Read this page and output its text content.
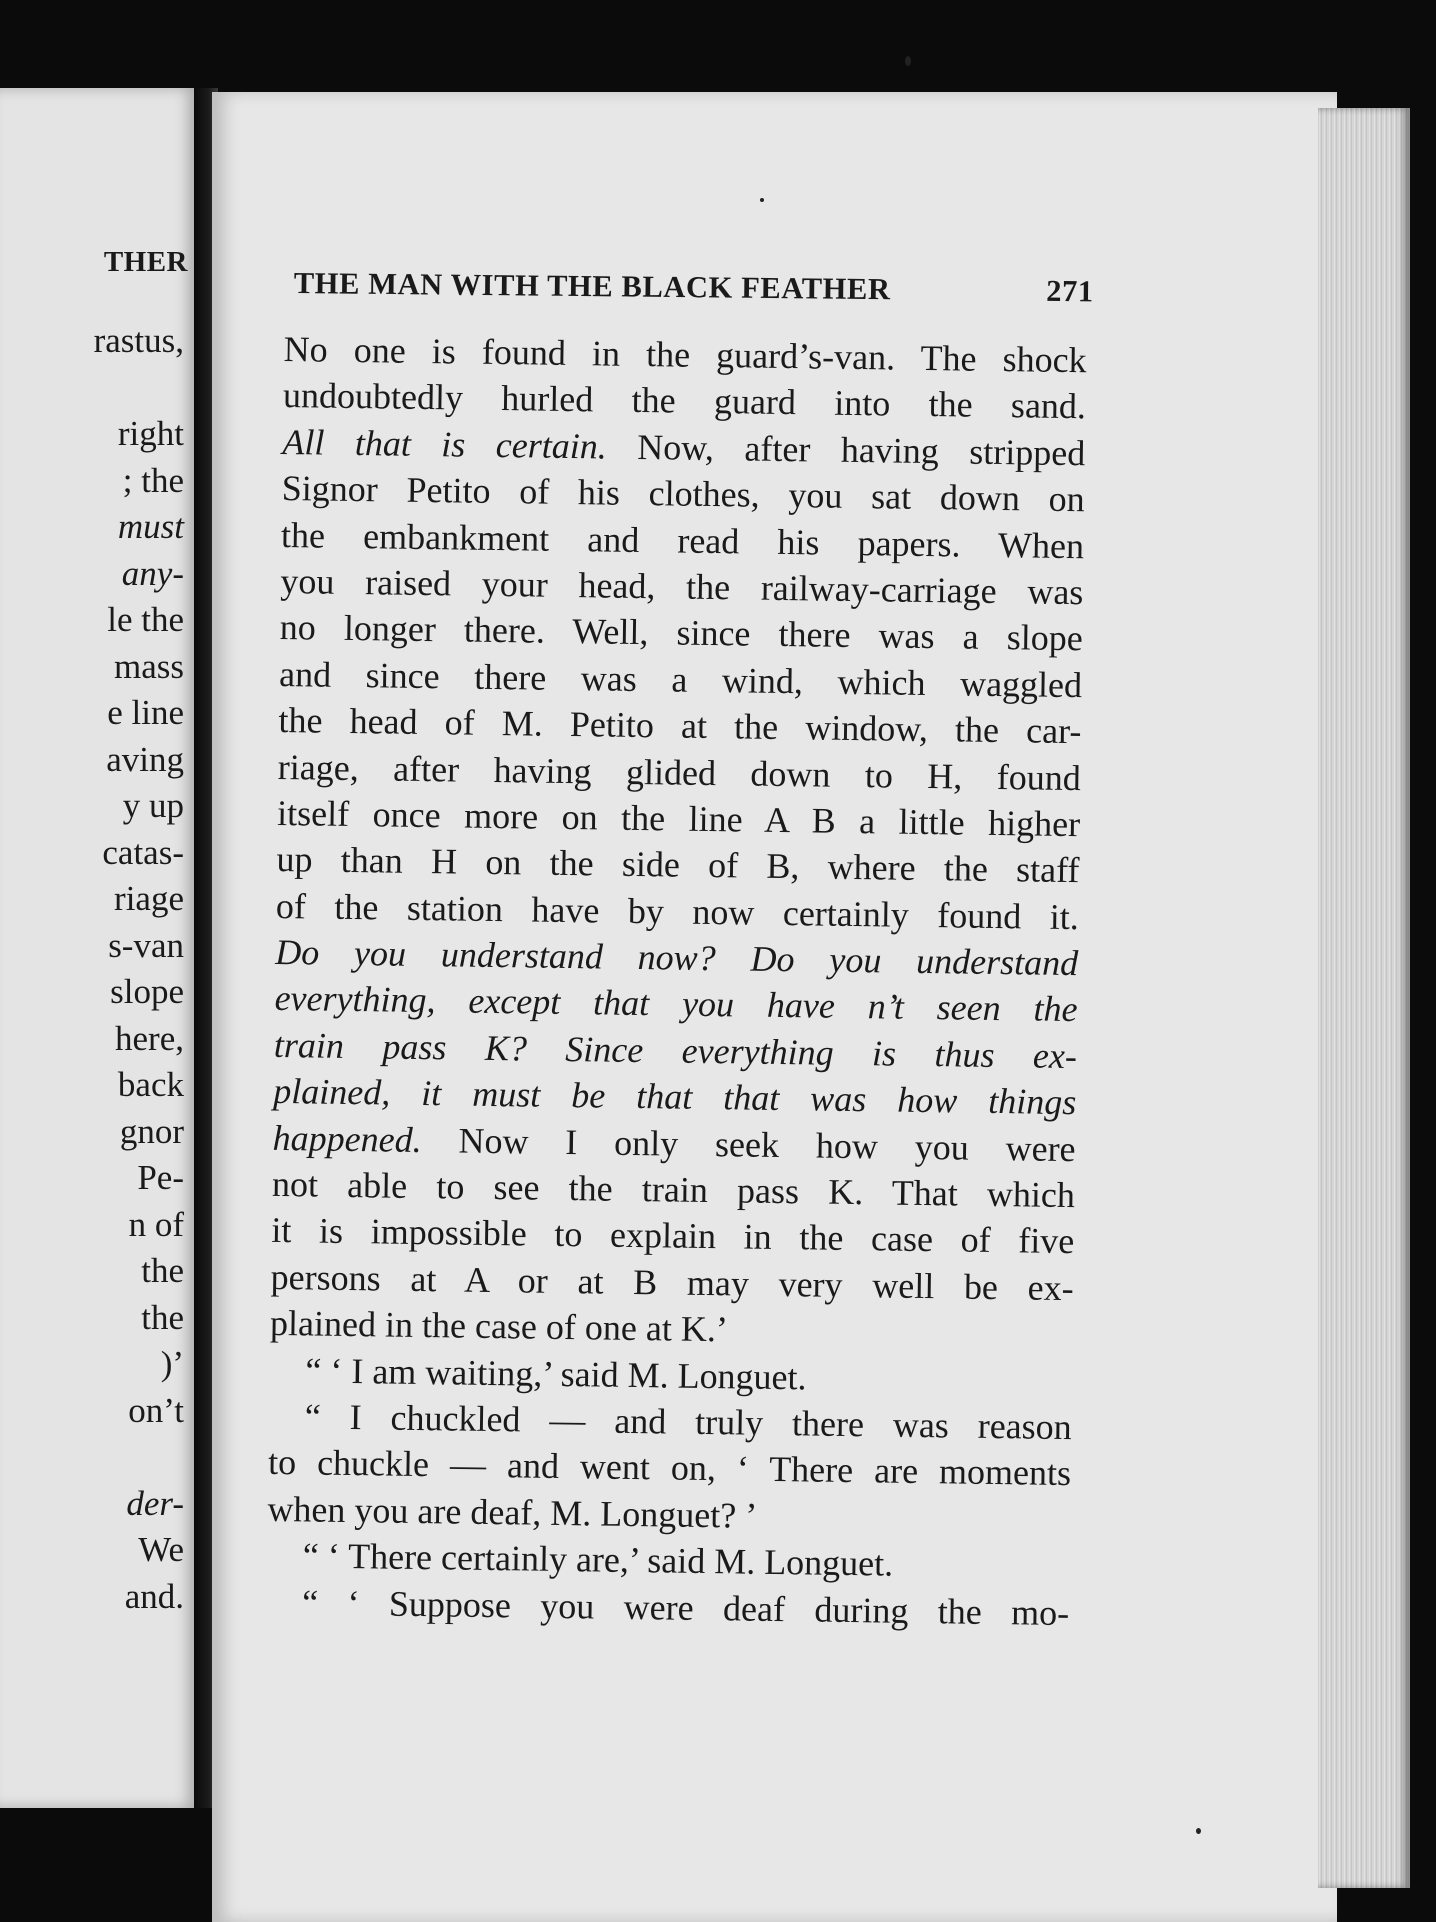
THER
rastus,
right
; the
must
any-
le the
mass
e line
aving
y up
catas-
riage
s-van
slope
here,
back
gnor
Pe-
n of
the
the
)’
on’t
der-
We
and.
THE MAN WITH THE BLACK FEATHER	271
No one is found in the guard’s-van. The shock
undoubtedly hurled the guard into the sand.
All that is certain. Now, after having stripped
Signor Petito of his clothes, you sat down on
the embankment and read his papers. When
you raised your head, the railway-carriage was
no longer there. Well, since there was a slope
and since there was a wind, which waggled
the head of M. Petito at the window, the car-
riage, after having glided down to H, found
itself once more on the line A B a little higher
up than H on the side of B, where the staff
of the station have by now certainly found it.
Do you understand now? Do you understand
everything, except that you have n’t seen the
train pass K? Since everything is thus ex-
plained, it must be that that was how things
happened. Now I only seek how you were
not able to see the train pass K. That which
it is impossible to explain in the case of five
persons at A or at B may very well be ex-
plained in the case of one at K.’
“ ‘ I am waiting,’ said M. Longuet.
“ I chuckled — and truly there was reason
to chuckle — and went on, ‘ There are moments
when you are deaf, M. Longuet? ’
“ ‘ There certainly are,’ said M. Longuet.
“ ‘ Suppose you were deaf during the mo-
